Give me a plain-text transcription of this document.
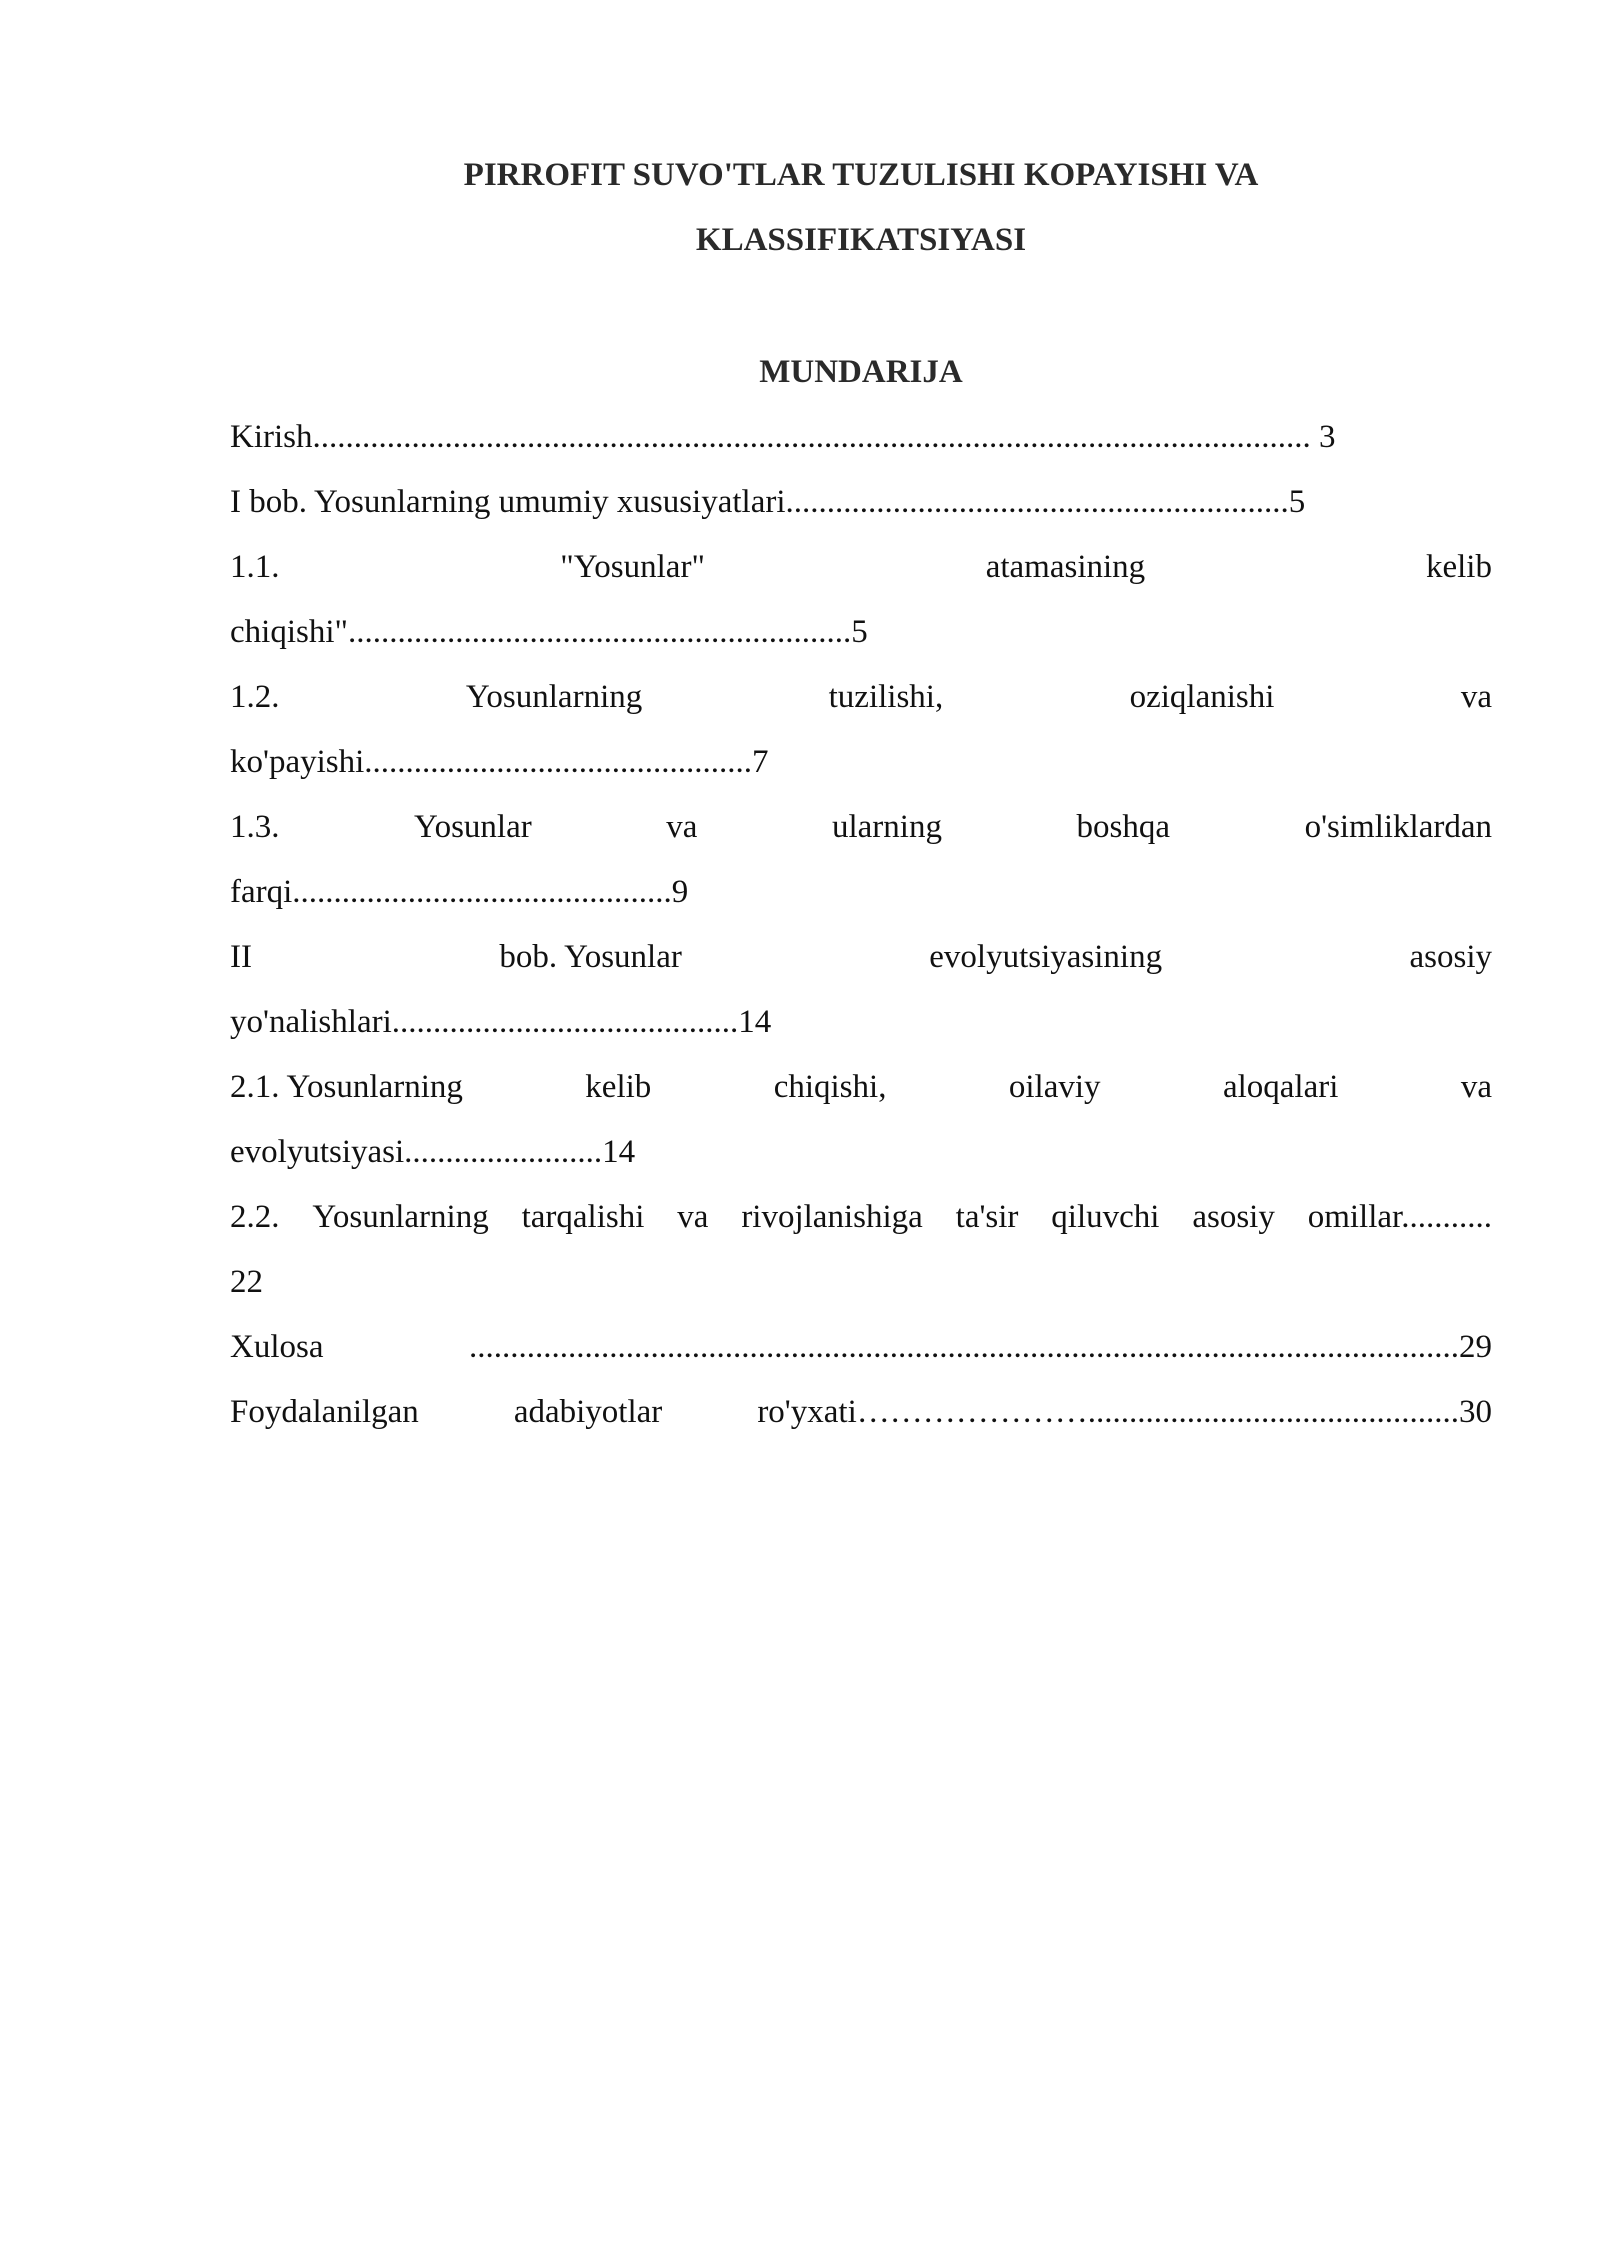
PIRROFIT SUVO'TLAR TUZULISHI KOPAYISHI VA
KLASSIFIKATSIYASI
MUNDARIJA
Kirish......................................................................................................................... 3
I bob. Yosunlarning umumiy xususiyatlari.............................................................5
1.1.	"Yosunlar"	atamasining	kelib
chiqishi".............................................................5
1.2.	Yosunlarning	tuzilishi,	oziqlanishi	va
ko'payishi...............................................7
1.3.	Yosunlar	va	ularning	boshqa	o'simliklardan
farqi..............................................9
II	bob. Yosunlar	evolyutsiyasining	asosiy
yo'nalishlari..........................................14
2.1. Yosunlarning	kelib	chiqishi,	oilaviy	aloqalari	va
evolyutsiyasi........................14
2.2. Yosunlarning tarqalishi va rivojlanishiga ta'sir qiluvchi asosiy omillar...........
22
Xulosa	........................................................................................................................29
Foydalanilgan	adabiyotlar	ro'yxati………………….............................................30
